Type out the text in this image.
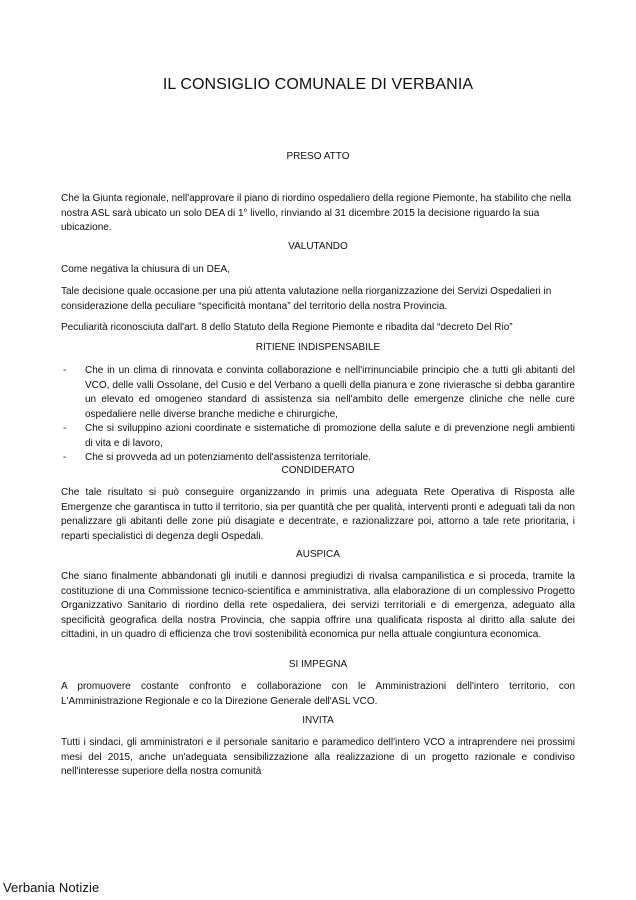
IL CONSIGLIO COMUNALE DI VERBANIA
PRESO ATTO

Che la Giunta regionale, nell'approvare il piano di riordino ospedaliero della regione Piemonte, ha stabilito che nella nostra ASL sarà ubicato un solo DEA di 1° livello, rinviando al 31 dicembre 2015 la decisione riguardo la sua ubicazione.

VALUTANDO

Come negativa la chiusura di un DEA,

Tale decisione quale occasione per una più attenta valutazione nella riorganizzazione dei Servizi Ospedalieri in considerazione della peculiare “specificità montana” del territorio della nostra Provincia.

Peculiarità riconosciuta dall'art. 8 dello Statuto della Regione Piemonte e ribadita dal “decreto Del Rio”

RITIENE INDISPENSABILE
- Che in un clima di rinnovata e convinta collaborazione e nell'irrinunciabile principio che a tutti gli abitanti del VCO, delle valli Ossolane, del Cusio e del Verbano a quelli della pianura e zone rivierasche si debba garantire un elevato ed omogeneo standard di assistenza sia nell'ambito delle emergenze cliniche che nelle cure ospedaliere nelle diverse branche mediche e chirurgiche,
- Che si sviluppino azioni coordinate e sistematiche di promozione della salute e di prevenzione negli ambienti di vita e di lavoro,
- Che si provveda ad un potenziamento dell'assistenza territoriale.
CONDIDERATO

Che tale risultato si può conseguire organizzando in primis una adeguata Rete Operativa di Risposta alle Emergenze che garantisca in tutto il territorio, sia per quantità che per qualità, interventi pronti e adeguati tali da non penalizzare gli abitanti delle zone più disagiate e decentrate, e razionalizzare poi, attorno a tale rete prioritaria, i reparti specialistici di degenza degli Ospedali.

AUSPICA

Che siano finalmente abbandonati gli inutili e dannosi pregiudizi di rivalsa campanilistica e si proceda, tramite la costituzione di una Commissione tecnico-scientifica e amministrativa, alla elaborazione di un complessivo Progetto Organizzativo Sanitario di riordino della rete ospedaliera, dei servizi territoriali e di emergenza, adeguato alla specificità geografica della nostra Provincia, che sappia offrire una qualificata risposta al diritto alla salute dei cittadini, in un quadro di efficienza che trovi sostenibilità economica pur nella attuale congiuntura economica.

SI IMPEGNA

A promuovere costante confronto e collaborazione con le Amministrazioni dell'intero territorio, con L'Amministrazione Regionale e co la Direzione Generale dell'ASL VCO.

INVITA

Tutti i sindaci, gli amministratori e il personale sanitario e paramedico dell'intero VCO a intraprendere nei prossimi mesi del 2015, anche un'adeguata sensibilizzazione alla realizzazione di un progetto razionale e condiviso nell'interesse superiore della nostra comunità

Verbania Notizie
